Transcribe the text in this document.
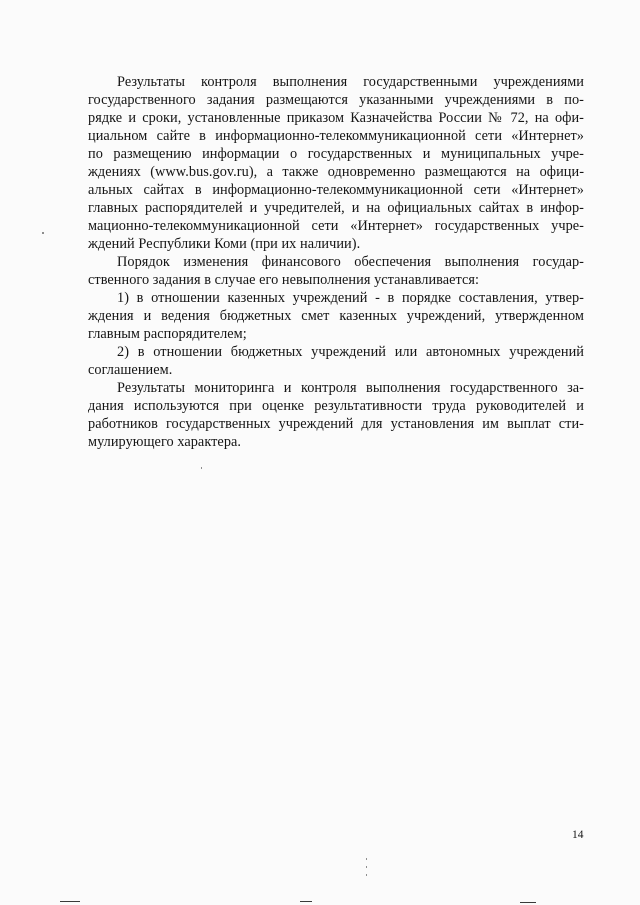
Результаты контроля выполнения государственными учреждениями
государственного задания размещаются указанными учреждениями в по-
рядке и сроки, установленные приказом Казначейства России № 72, на офи-
циальном сайте в информационно-телекоммуникационной сети «Интернет»
по размещению информации о государственных и муниципальных учре-
ждениях (www.bus.gov.ru), а также одновременно размещаются на офици-
альных сайтах в информационно-телекоммуникационной сети «Интернет»
главных распорядителей и учредителей, и на официальных сайтах в инфор-
мационно-телекоммуникационной сети «Интернет» государственных учре-
ждений Республики Коми (при их наличии).
Порядок изменения финансового обеспечения выполнения государ-
ственного задания в случае его невыполнения устанавливается:
1) в отношении казенных учреждений - в порядке составления, утвер-
ждения и ведения бюджетных смет казенных учреждений, утвержденном
главным распорядителем;
2) в отношении бюджетных учреждений или автономных учреждений
соглашением.
Результаты мониторинга и контроля выполнения государственного за-
дания используются при оценке результативности труда руководителей и
работников государственных учреждений для установления им выплат сти-
мулирующего характера.
14
